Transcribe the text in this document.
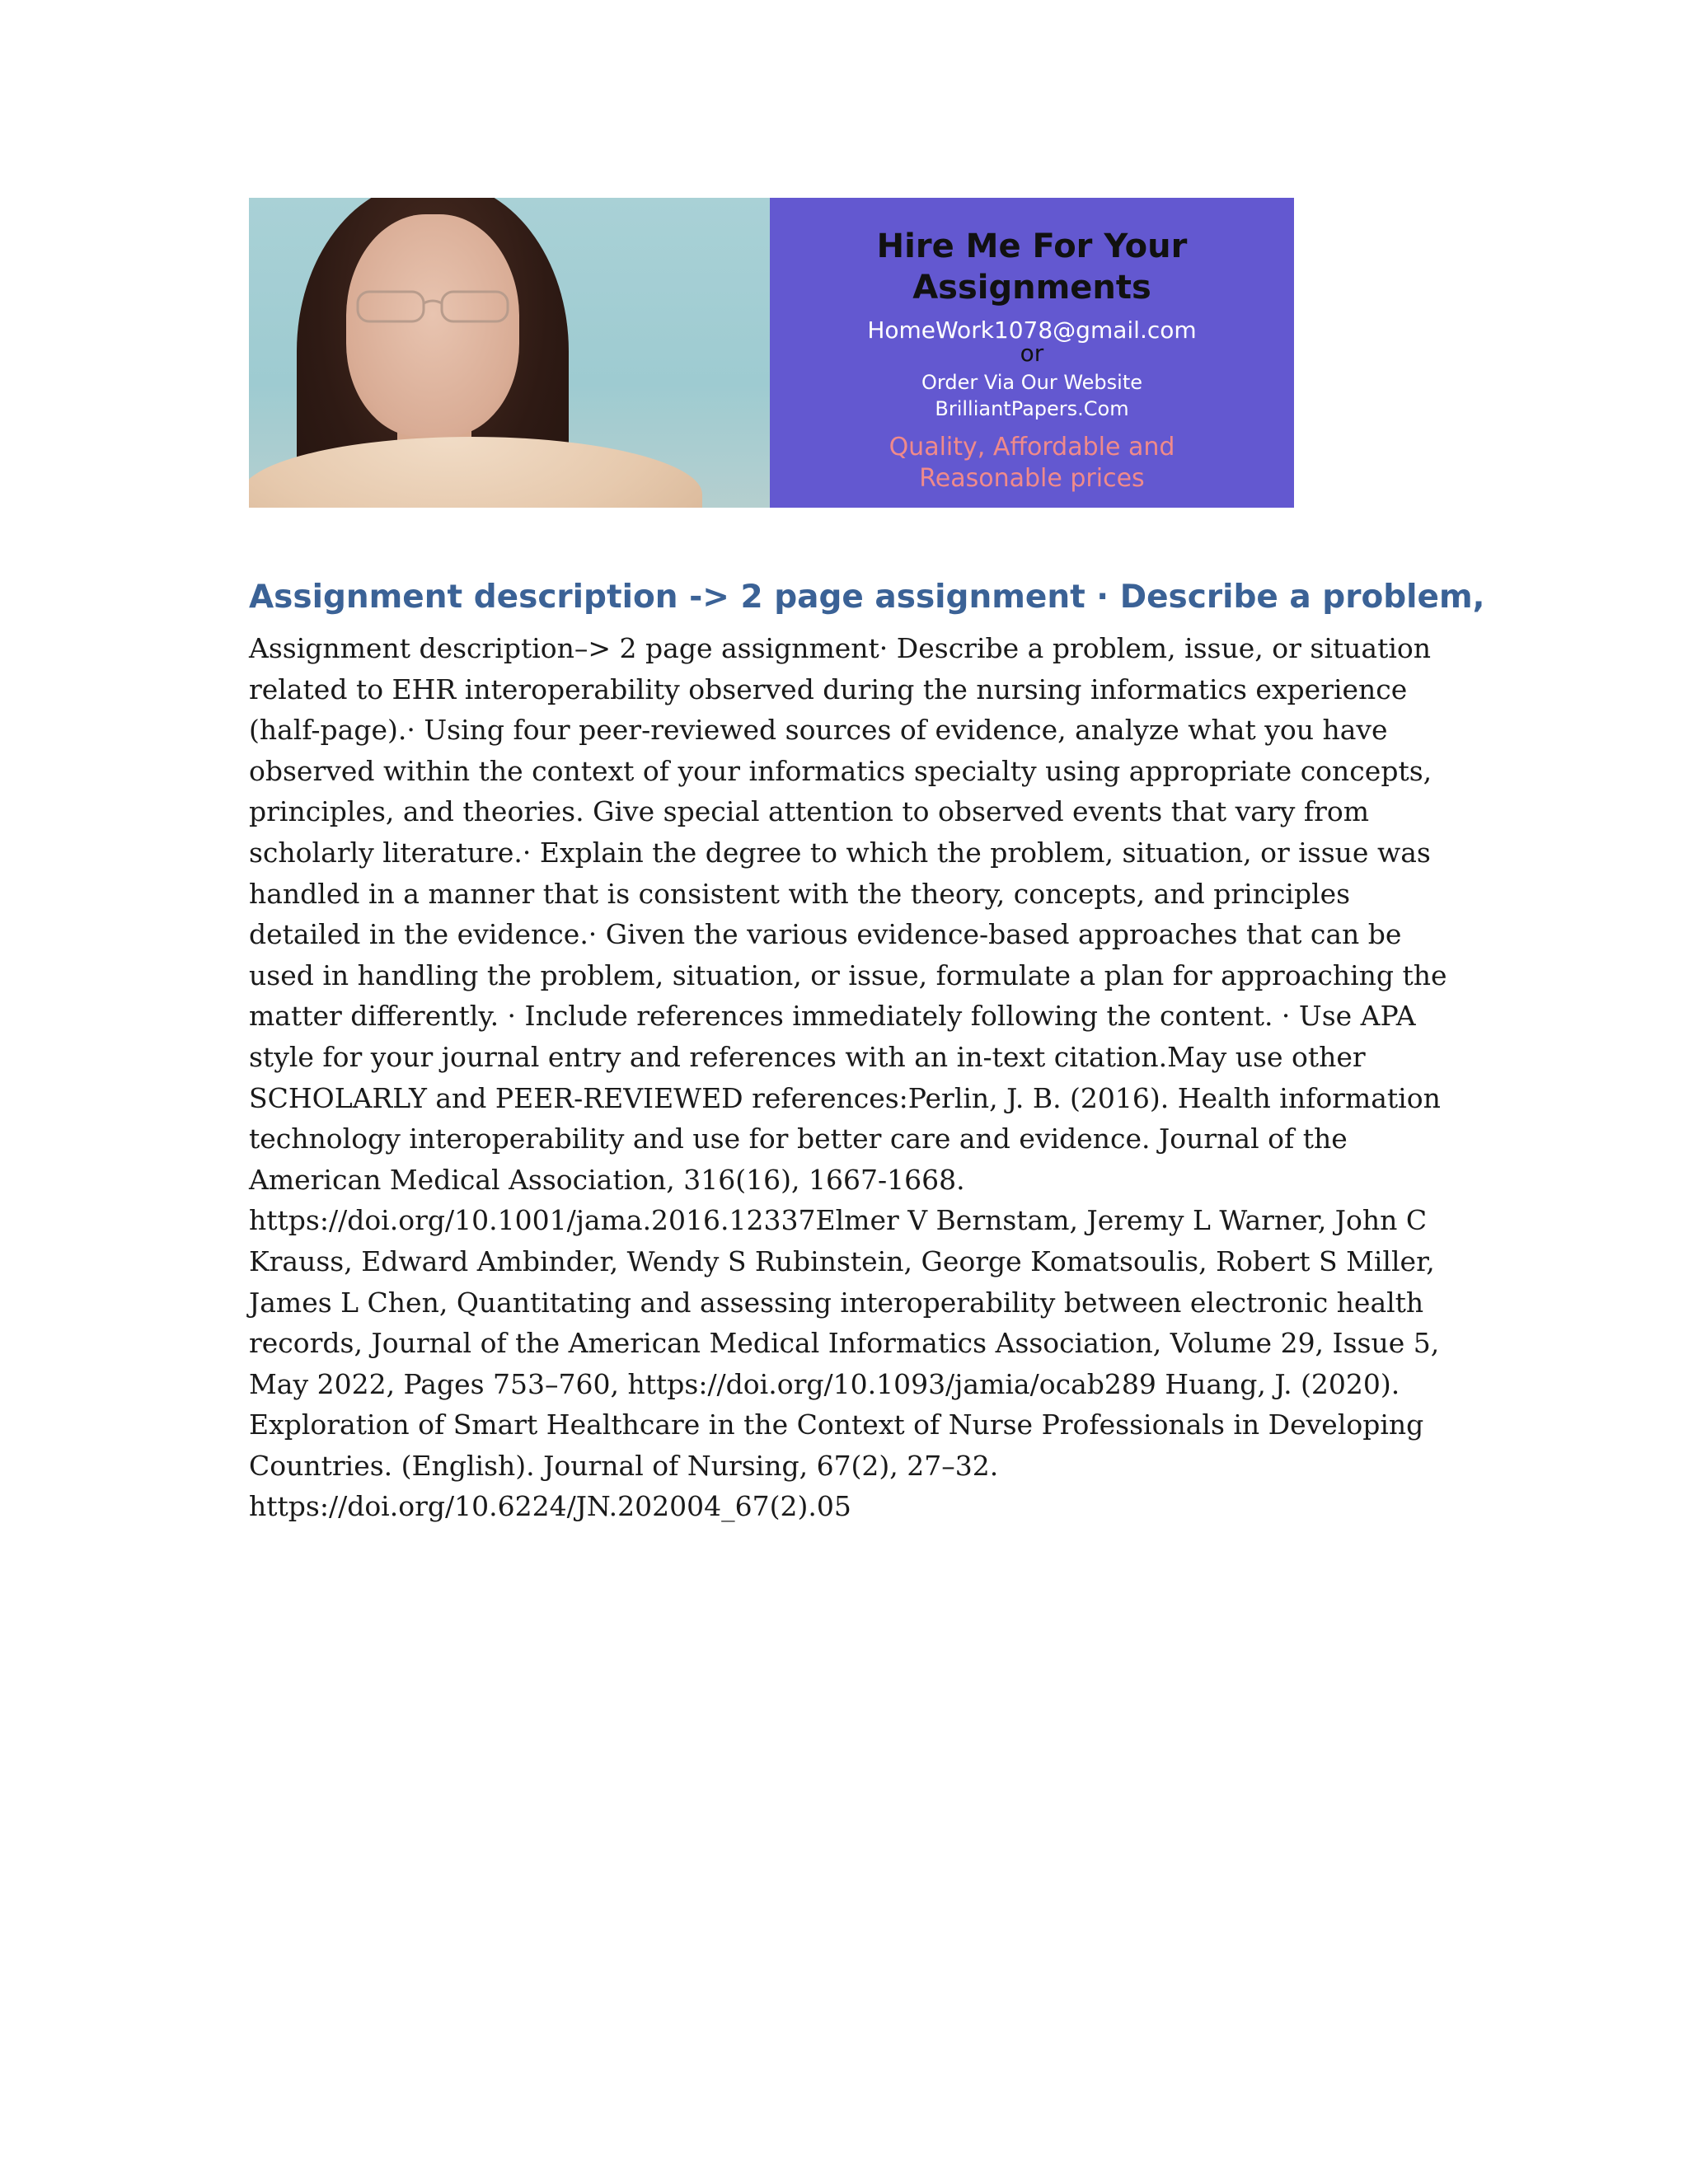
Hire Me For Your
Assignments
HomeWork1078@gmail.com
or
Order Via Our Website
BrilliantPapers.Com
Quality, Affordable and
Reasonable prices
Assignment description -> 2 page assignment · Describe a problem,

Assignment description–> 2 page assignment· Describe a problem, issue, or situation related to EHR interoperability observed during the nursing informatics experience (half-page).· Using four peer-reviewed sources of evidence, analyze what you have observed within the context of your informatics specialty using appropriate concepts, principles, and theories. Give special attention to observed events that vary from scholarly literature.· Explain the degree to which the problem, situation, or issue was handled in a manner that is consistent with the theory, concepts, and principles detailed in the evidence.· Given the various evidence-based approaches that can be used in handling the problem, situation, or issue, formulate a plan for approaching the matter differently. · Include references immediately following the content. · Use APA style for your journal entry and references with an in-text citation.May use other SCHOLARLY and PEER-REVIEWED references:Perlin, J. B. (2016). Health information technology interoperability and use for better care and evidence. Journal of the American Medical Association, 316(16), 1667-1668. https://doi.org/10.1001/jama.2016.12337Elmer V Bernstam, Jeremy L Warner, John C Krauss, Edward Ambinder, Wendy S Rubinstein, George Komatsoulis, Robert S Miller, James L Chen, Quantitating and assessing interoperability between electronic health records, Journal of the American Medical Informatics Association, Volume 29, Issue 5, May 2022, Pages 753–760, https://doi.org/10.1093/jamia/ocab289 Huang, J. (2020). Exploration of Smart Healthcare in the Context of Nurse Professionals in Developing Countries. (English). Journal of Nursing, 67(2), 27–32. https://doi.org/10.6224/JN.202004_67(2).05
